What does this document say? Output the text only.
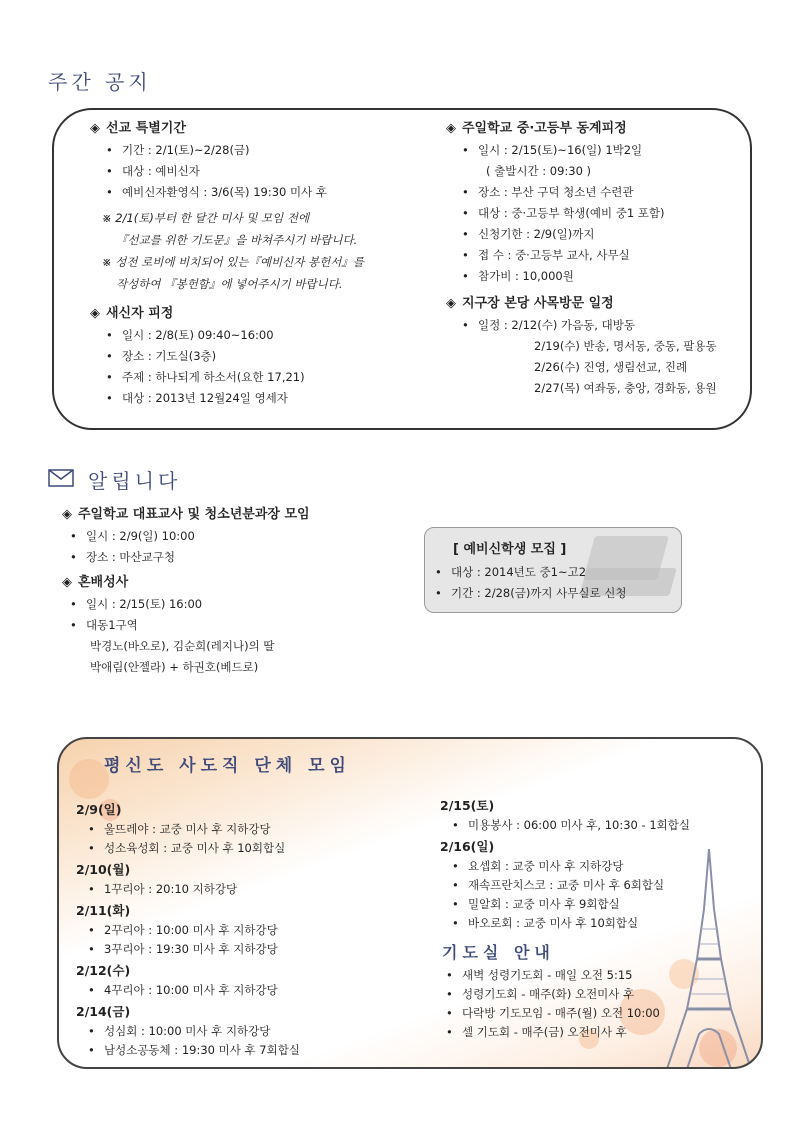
주간 공지
◈ 선교 특별기간
• 기간 : 2/1(토)~2/28(금)
• 대상 : 예비신자
• 예비신자환영식 : 3/6(목) 19:30 미사 후
※ 2/1(토)부터 한 달간 미사 및 모임 전에
『선교를 위한 기도문』을 바쳐주시기 바랍니다.
※ 성전 로비에 비치되어 있는『예비신자 봉헌서』를
작성하여 『봉헌함』에 넣어주시기 바랍니다.
◈ 새신자 피정
• 일시 : 2/8(토) 09:40~16:00
• 장소 : 기도실(3층)
• 주제 : 하나되게 하소서(요한 17,21)
• 대상 : 2013년 12월24일 영세자
◈ 주일학교 중·고등부 동계피정
• 일시 : 2/15(토)~16(일) 1박2일
( 출발시간 : 09:30 )
• 장소 : 부산 구덕 청소년 수련관
• 대상 : 중·고등부 학생(예비 중1 포함)
• 신청기한 : 2/9(일)까지
• 접 수 : 중·고등부 교사, 사무실
• 참가비 : 10,000원
◈ 지구장 본당 사목방문 일정
• 일정 : 2/12(수) 가음동, 대방동
2/19(수) 반송, 명서동, 중동, 팔용동
2/26(수) 진영, 생림선교, 진례
2/27(목) 여좌동, 충앙, 경화동, 용원
알립니다
◈ 주일학교 대표교사 및 청소년분과장 모임
• 일시 : 2/9(일) 10:00
• 장소 : 마산교구청
◈ 혼배성사
• 일시 : 2/15(토) 16:00
• 대동1구역
박경노(바오로), 김순희(레지나)의 딸
박애림(안젤라) + 하권호(베드로)
[ 예비신학생 모집 ]
• 대상 : 2014년도 중1~고2
• 기간 : 2/28(금)까지 사무실로 신청
평신도 사도직 단체 모임
2/9(일)
• 울뜨레야 : 교중 미사 후 지하강당
• 성소육성회 : 교중 미사 후 10회합실
2/10(월)
• 1꾸리아 : 20:10 지하강당
2/11(화)
• 2꾸리아 : 10:00 미사 후 지하강당
• 3꾸리아 : 19:30 미사 후 지하강당
2/12(수)
• 4꾸리아 : 10:00 미사 후 지하강당
2/14(금)
• 성심회 : 10:00 미사 후 지하강당
• 남성소공동체 : 19:30 미사 후 7회합실
2/15(토)
• 미용봉사 : 06:00 미사 후, 10:30 - 1회합실
2/16(일)
• 요셉회 : 교중 미사 후 지하강당
• 재속프란치스코 : 교중 미사 후 6회합실
• 밀알회 : 교중 미사 후 9회합실
• 바오로회 : 교중 미사 후 10회합실
기도실 안내
• 새벽 성령기도회 - 매일 오전 5:15
• 성령기도회 - 매주(화) 오전미사 후
• 다락방 기도모임 - 매주(월) 오전 10:00
• 셀 기도회 - 매주(금) 오전미사 후
